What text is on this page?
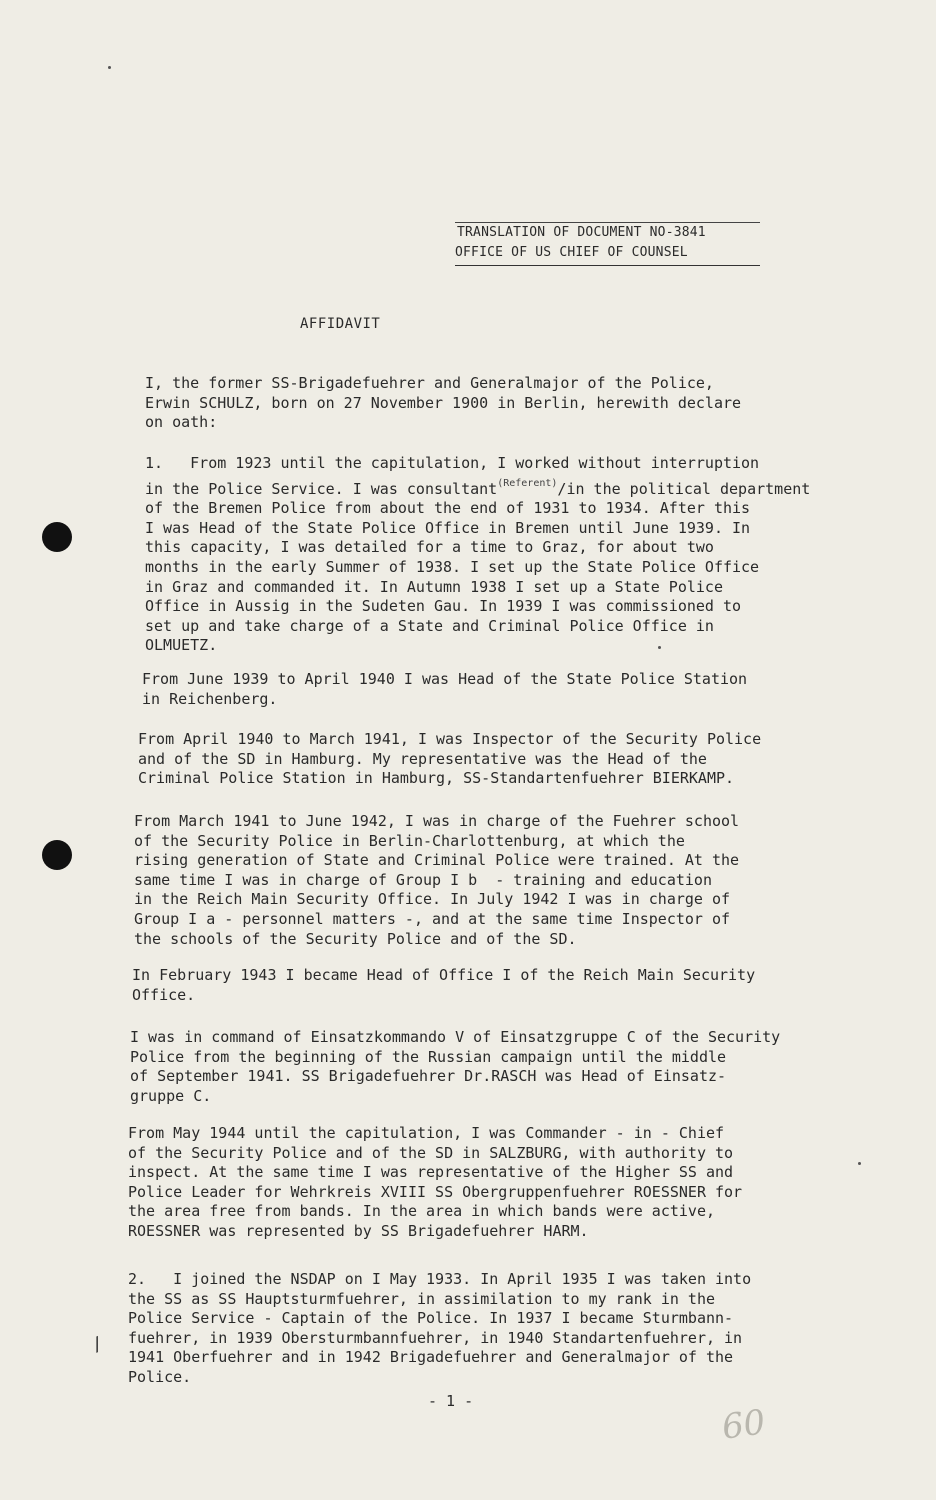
TRANSLATION OF DOCUMENT NO-3841
OFFICE OF US CHIEF OF COUNSEL
AFFIDAVIT
I, the former SS-Brigadefuehrer and Generalmajor of the Police,
Erwin SCHULZ, born on 27 November 1900 in Berlin, herewith declare
on oath:
1.   From 1923 until the capitulation, I worked without interruption
in the Police Service. I was consultant$^{(Referent)}$/in the political department
of the Bremen Police from about the end of 1931 to 1934. After this
I was Head of the State Police Office in Bremen until June 1939. In
this capacity, I was detailed for a time to Graz, for about two
months in the early Summer of 1938. I set up the State Police Office
in Graz and commanded it. In Autumn 1938 I set up a State Police
Office in Aussig in the Sudeten Gau. In 1939 I was commissioned to
set up and take charge of a State and Criminal Police Office in
OLMUETZ.
From June 1939 to April 1940 I was Head of the State Police Station
in Reichenberg.
From April 1940 to March 1941, I was Inspector of the Security Police
and of the SD in Hamburg. My representative was the Head of the
Criminal Police Station in Hamburg, SS-Standartenfuehrer BIERKAMP.
From March 1941 to June 1942, I was in charge of the Fuehrer school
of the Security Police in Berlin-Charlottenburg, at which the
rising generation of State and Criminal Police were trained. At the
same time I was in charge of Group I b  - training and education
in the Reich Main Security Office. In July 1942 I was in charge of
Group I a - personnel matters -, and at the same time Inspector of
the schools of the Security Police and of the SD.
In February 1943 I became Head of Office I of the Reich Main Security
Office.
I was in command of Einsatzkommando V of Einsatzgruppe C of the Security
Police from the beginning of the Russian campaign until the middle
of September 1941. SS Brigadefuehrer Dr.RASCH was Head of Einsatz-
gruppe C.
From May 1944 until the capitulation, I was Commander - in - Chief
of the Security Police and of the SD in SALZBURG, with authority to
inspect. At the same time I was representative of the Higher SS and
Police Leader for Wehrkreis XVIII SS Obergruppenfuehrer ROESSNER for
the area free from bands. In the area in which bands were active,
ROESSNER was represented by SS Brigadefuehrer HARM.
2.   I joined the NSDAP on I May 1933. In April 1935 I was taken into
the SS as SS Hauptsturmfuehrer, in assimilation to my rank in the
Police Service - Captain of the Police. In 1937 I became Sturmbann-
fuehrer, in 1939 Obersturmbannfuehrer, in 1940 Standartenfuehrer, in
1941 Oberfuehrer and in 1942 Brigadefuehrer and Generalmajor of the
Police.
/
- 1 -
60
